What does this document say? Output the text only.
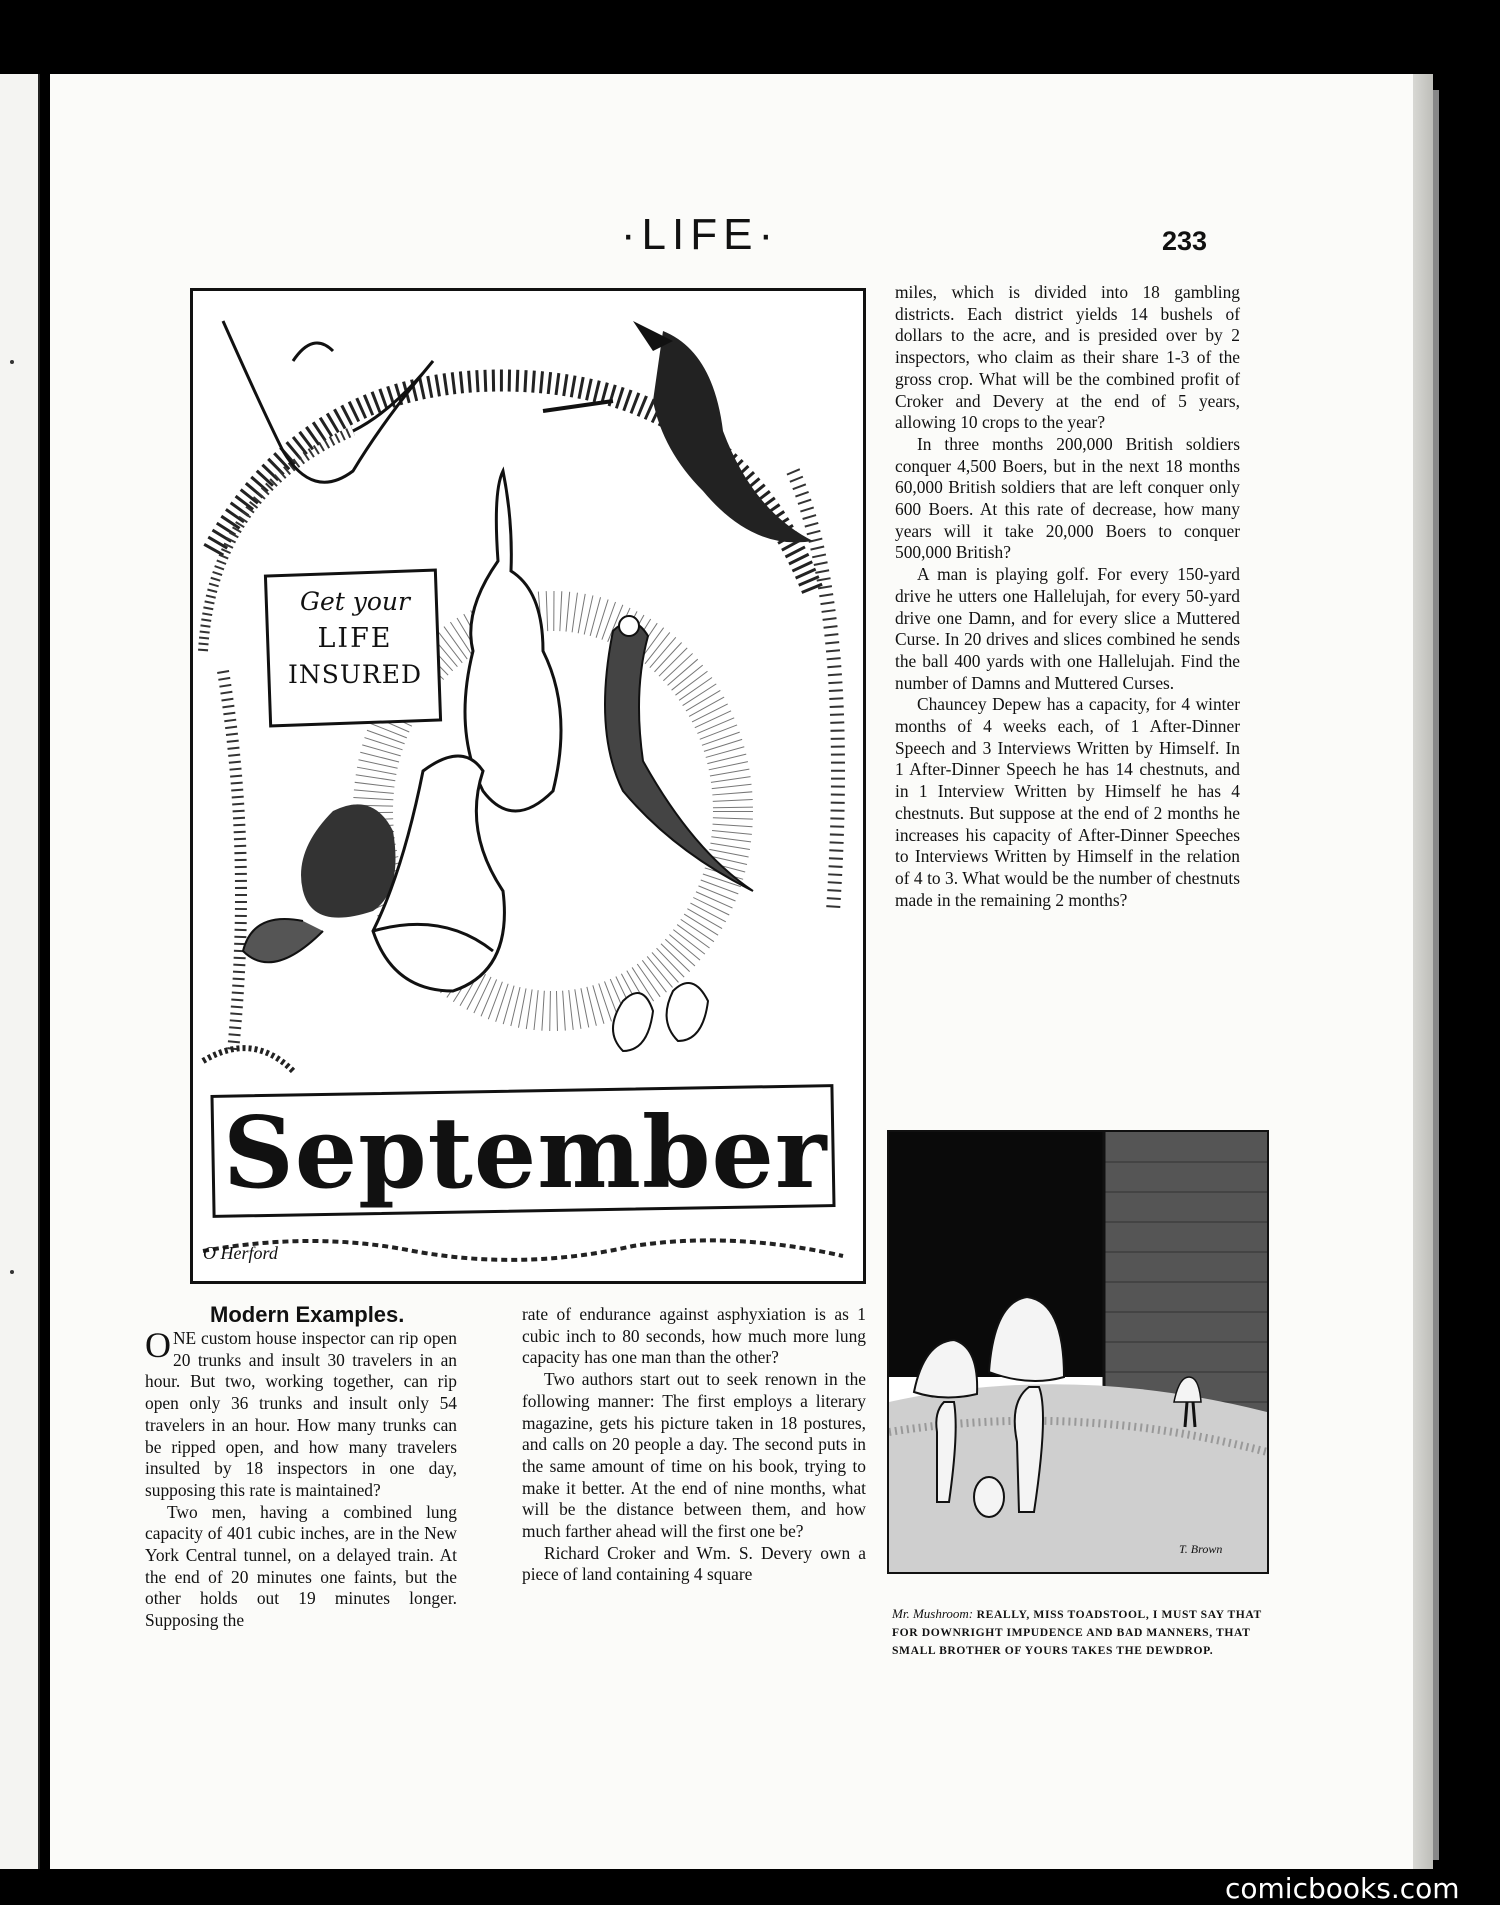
·LIFE·	233
Get your
LIFE
INSURED
September
O Herford
Modern Examples.

ONE custom house inspector can rip open 20 trunks and insult 30 travelers in an hour. But two, working together, can rip open only 36 trunks and insult only 54 travelers in an hour. How many trunks can be ripped open, and how many travelers insulted by 18 inspectors in one day, supposing this rate is maintained?

Two men, having a combined lung capacity of 401 cubic inches, are in the New York Central tunnel, on a delayed train. At the end of 20 minutes one faints, but the other holds out 19 minutes longer. Supposing the

rate of endurance against asphyxiation is as 1 cubic inch to 80 seconds, how much more lung capacity has one man than the other?

Two authors start out to seek renown in the following manner: The first employs a literary magazine, gets his picture taken in 18 postures, and calls on 20 people a day. The second puts in the same amount of time on his book, trying to make it better. At the end of nine months, what will be the distance between them, and how much farther ahead will the first one be?

Richard Croker and Wm. S. Devery own a piece of land containing 4 square

miles, which is divided into 18 gambling districts. Each district yields 14 bushels of dollars to the acre, and is presided over by 2 inspectors, who claim as their share 1-3 of the gross crop. What will be the combined profit of Croker and Devery at the end of 5 years, allowing 10 crops to the year?

In three months 200,000 British soldiers conquer 4,500 Boers, but in the next 18 months 60,000 British soldiers that are left conquer only 600 Boers. At this rate of decrease, how many years will it take 20,000 Boers to conquer 500,000 British?

A man is playing golf. For every 150-yard drive he utters one Hallelujah, for every 50-yard drive one Damn, and for every slice a Muttered Curse. In 20 drives and slices combined he sends the ball 400 yards with one Hallelujah. Find the number of Damns and Muttered Curses.

Chauncey Depew has a capacity, for 4 winter months of 4 weeks each, of 1 After-Dinner Speech and 3 Interviews Written by Himself. In 1 After-Dinner Speech he has 14 chestnuts, and in 1 Interview Written by Himself he has 4 chestnuts. But suppose at the end of 2 months he increases his capacity of After-Dinner Speeches to Interviews Written by Himself in the relation of 4 to 3. What would be the number of chestnuts made in the remaining 2 months?

T. Brown
Mr. Mushroom: REALLY, MISS TOADSTOOL, I MUST SAY THAT FOR DOWNRIGHT IMPUDENCE AND BAD MANNERS, THAT SMALL BROTHER OF YOURS TAKES THE DEWDROP.
comicbooks.com
